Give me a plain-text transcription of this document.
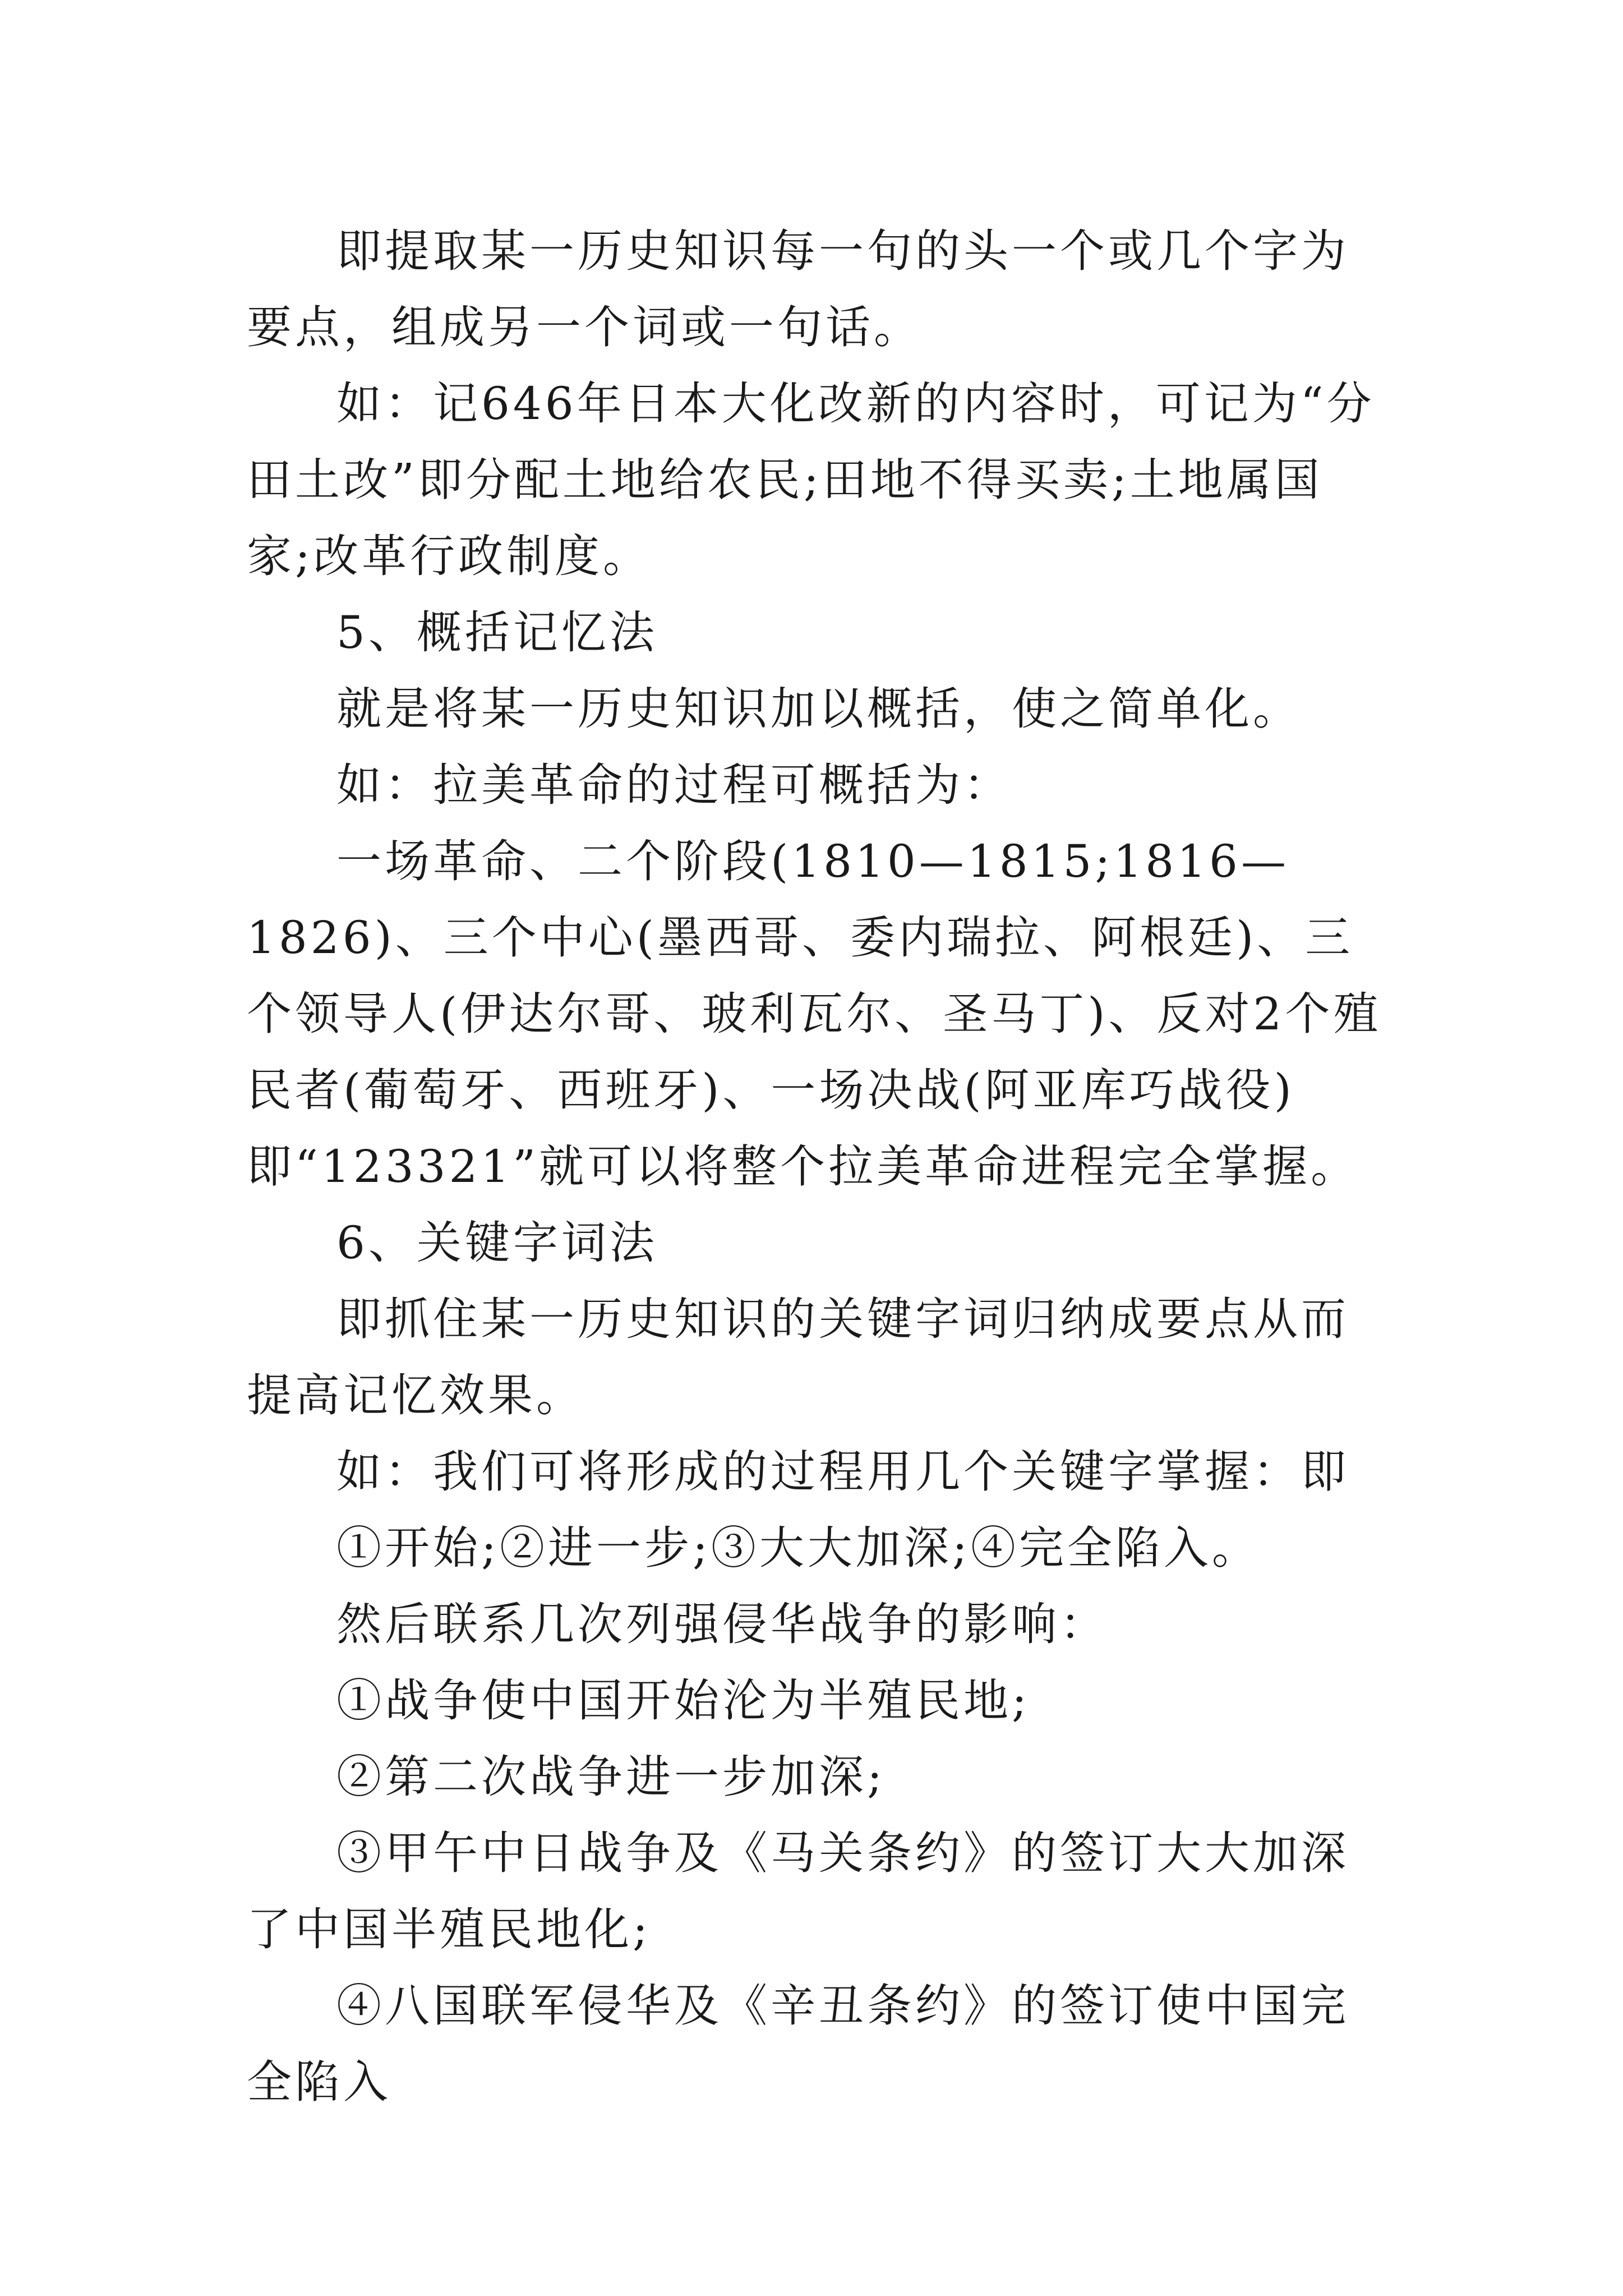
即提取某一历史知识每一句的头一个或几个字为要点，组成另一个词或一句话。

如：记646年日本大化改新的内容时，可记为“分田土改”即分配土地给农民;田地不得买卖;土地属国家;改革行政制度。

5、概括记忆法

就是将某一历史知识加以概括，使之简单化。

如：拉美革命的过程可概括为：

一场革命、二个阶段(1810—1815;1816—1826)、三个中心(墨西哥、委内瑞拉、阿根廷)、三个领导人(伊达尔哥、玻利瓦尔、圣马丁)、反对2个殖民者(葡萄牙、西班牙)、一场决战(阿亚库巧战役)即“123321”就可以将整个拉美革命进程完全掌握。

6、关键字词法

即抓住某一历史知识的关键字词归纳成要点从而提高记忆效果。

如：我们可将形成的过程用几个关键字掌握：即

①开始;②进一步;③大大加深;④完全陷入。

然后联系几次列强侵华战争的影响：

①战争使中国开始沦为半殖民地;

②第二次战争进一步加深;

③甲午中日战争及《马关条约》的签订大大加深了中国半殖民地化;

④八国联军侵华及《辛丑条约》的签订使中国完全陷入
